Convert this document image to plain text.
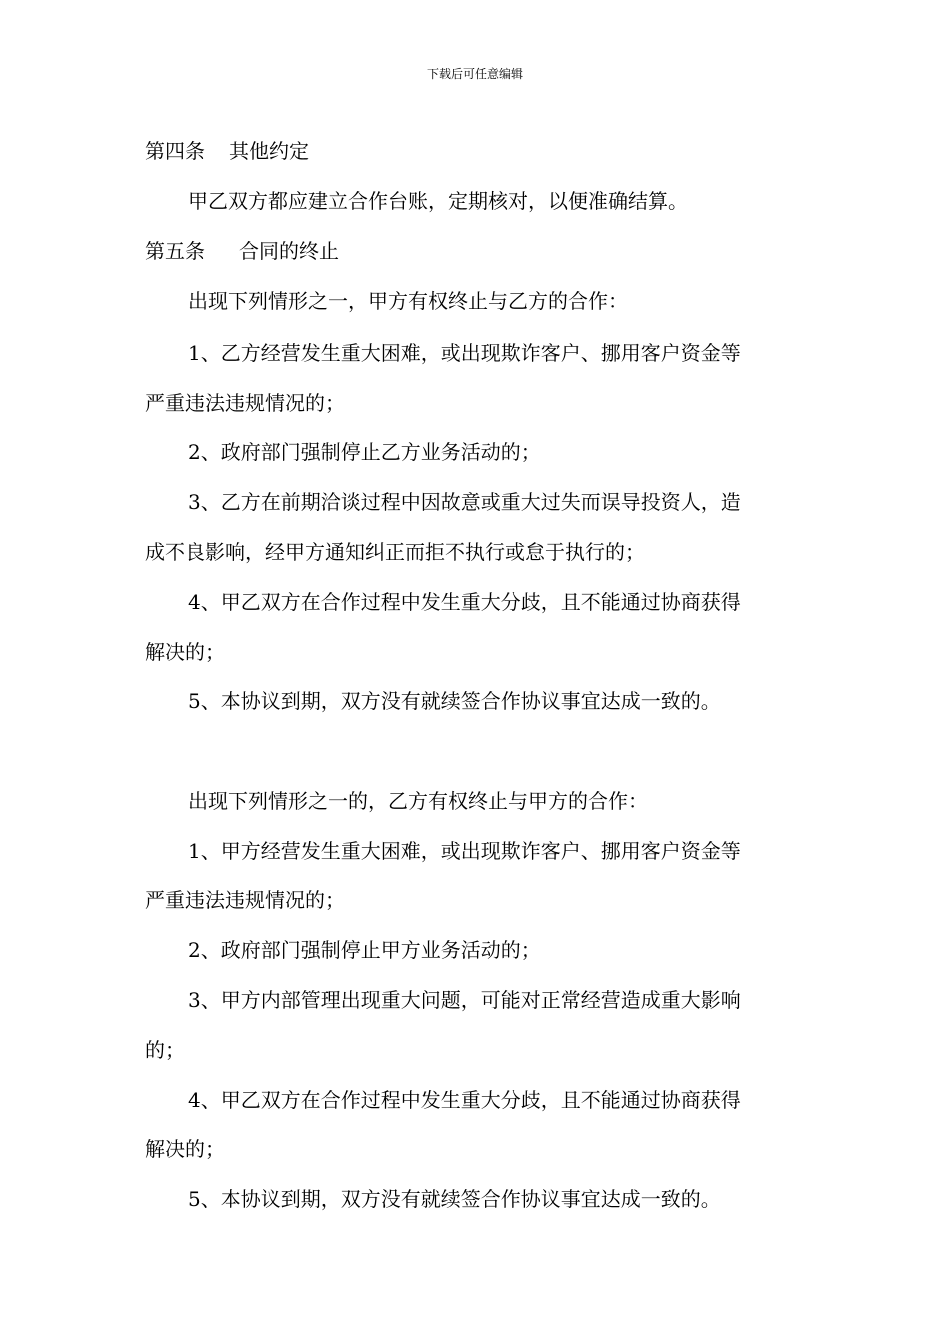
下载后可任意编辑
第四条 其他约定
甲乙双方都应建立合作台账，定期核对，以便准确结算。
第五条 合同的终止
出现下列情形之一，甲方有权终止与乙方的合作：
1、乙方经营发生重大困难，或出现欺诈客户、挪用客户资金等
严重违法违规情况的；
2、政府部门强制停止乙方业务活动的；
3、乙方在前期洽谈过程中因故意或重大过失而误导投资人，造
成不良影响，经甲方通知纠正而拒不执行或怠于执行的；
4、甲乙双方在合作过程中发生重大分歧，且不能通过协商获得
解决的；
5、本协议到期，双方没有就续签合作协议事宜达成一致的。
出现下列情形之一的，乙方有权终止与甲方的合作：
1、甲方经营发生重大困难，或出现欺诈客户、挪用客户资金等
严重违法违规情况的；
2、政府部门强制停止甲方业务活动的；
3、甲方内部管理出现重大问题，可能对正常经营造成重大影响
的；
4、甲乙双方在合作过程中发生重大分歧，且不能通过协商获得
解决的；
5、本协议到期，双方没有就续签合作协议事宜达成一致的。
